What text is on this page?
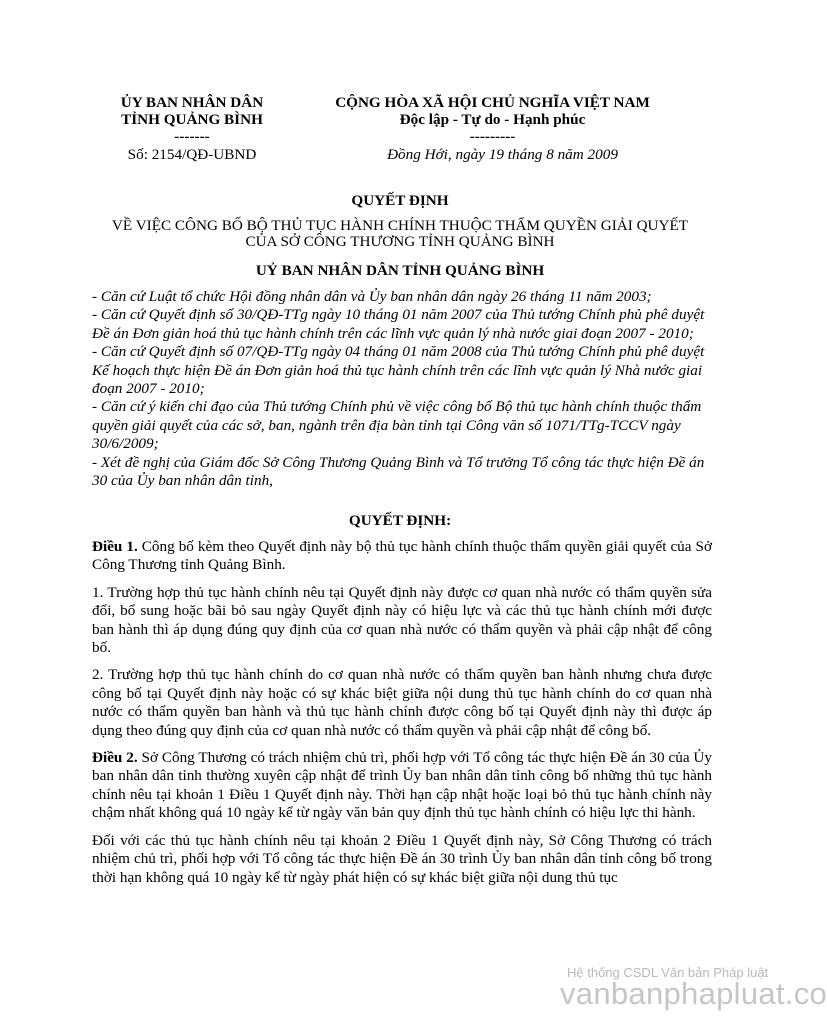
ỦY BAN NHÂN DÂN
TỈNH QUẢNG BÌNH
-------
Số: 2154/QĐ-UBND
CỘNG HÒA XÃ HỘI CHỦ NGHĨA VIỆT NAM
Độc lập - Tự do - Hạnh phúc
---------
Đồng Hới, ngày 19 tháng 8 năm 2009
QUYẾT ĐỊNH
VỀ VIỆC CÔNG BỐ BỘ THỦ TỤC HÀNH CHÍNH THUỘC THẨM QUYỀN GIẢI QUYẾT
CỦA SỞ CÔNG THƯƠNG TỈNH QUẢNG BÌNH
UỶ BAN NHÂN DÂN TỈNH QUẢNG BÌNH
- Căn cứ Luật tổ chức Hội đồng nhân dân và Ủy ban nhân dân ngày 26 tháng 11 năm 2003;
- Căn cứ Quyết định số 30/QĐ-TTg ngày 10 tháng 01 năm 2007 của Thủ tướng Chính phủ phê duyệt Đề án Đơn giản hoá thủ tục hành chính trên các lĩnh vực quản lý nhà nước giai đoạn 2007 - 2010;
- Căn cứ Quyết định số 07/QĐ-TTg ngày 04 tháng 01 năm 2008 của Thủ tướng Chính phủ phê duyệt Kế hoạch thực hiện Đề án Đơn giản hoá thủ tục hành chính trên các lĩnh vực quản lý Nhà nước giai đoạn 2007 - 2010;
- Căn cứ ý kiến chỉ đạo của Thủ tướng Chính phủ về việc công bố Bộ thủ tục hành chính thuộc thẩm quyền giải quyết của các sở, ban, ngành trên địa bàn tỉnh tại Công văn số 1071/TTg-TCCV ngày 30/6/2009;
- Xét đề nghị của Giám đốc Sở Công Thương Quảng Bình và Tổ trưởng Tổ công tác thực hiện Đề án 30 của Ủy ban nhân dân tỉnh,
QUYẾT ĐỊNH:

Điều 1. Công bố kèm theo Quyết định này bộ thủ tục hành chính thuộc thẩm quyền giải quyết của Sở Công Thương tỉnh Quảng Bình.

1. Trường hợp thủ tục hành chính nêu tại Quyết định này được cơ quan nhà nước có thẩm quyền sửa đổi, bổ sung hoặc bãi bỏ sau ngày Quyết định này có hiệu lực và các thủ tục hành chính mới được ban hành thì áp dụng đúng quy định của cơ quan nhà nước có thẩm quyền và phải cập nhật để công bố.

2. Trường hợp thủ tục hành chính do cơ quan nhà nước có thẩm quyền ban hành nhưng chưa được công bố tại Quyết định này hoặc có sự khác biệt giữa nội dung thủ tục hành chính do cơ quan nhà nước có thẩm quyền ban hành và thủ tục hành chính được công bố tại Quyết định này thì được áp dụng theo đúng quy định của cơ quan nhà nước có thẩm quyền và phải cập nhật để công bố.

Điều 2. Sở Công Thương có trách nhiệm chủ trì, phối hợp với Tổ công tác thực hiện Đề án 30 của Ủy ban nhân dân tỉnh thường xuyên cập nhật để trình Ủy ban nhân dân tỉnh công bố những thủ tục hành chính nêu tại khoản 1 Điều 1 Quyết định này. Thời hạn cập nhật hoặc loại bỏ thủ tục hành chính này chậm nhất không quá 10 ngày kể từ ngày văn bản quy định thủ tục hành chính có hiệu lực thi hành.

Đối với các thủ tục hành chính nêu tại khoản 2 Điều 1 Quyết định này, Sở Công Thương có trách nhiệm chủ trì, phối hợp với Tổ công tác thực hiện Đề án 30 trình Ủy ban nhân dân tỉnh công bố trong thời hạn không quá 10 ngày kể từ ngày phát hiện có sự khác biệt giữa nội dung thủ tục

Hệ thống CSDL Văn bản Pháp luật
vanbanphapluat.co
